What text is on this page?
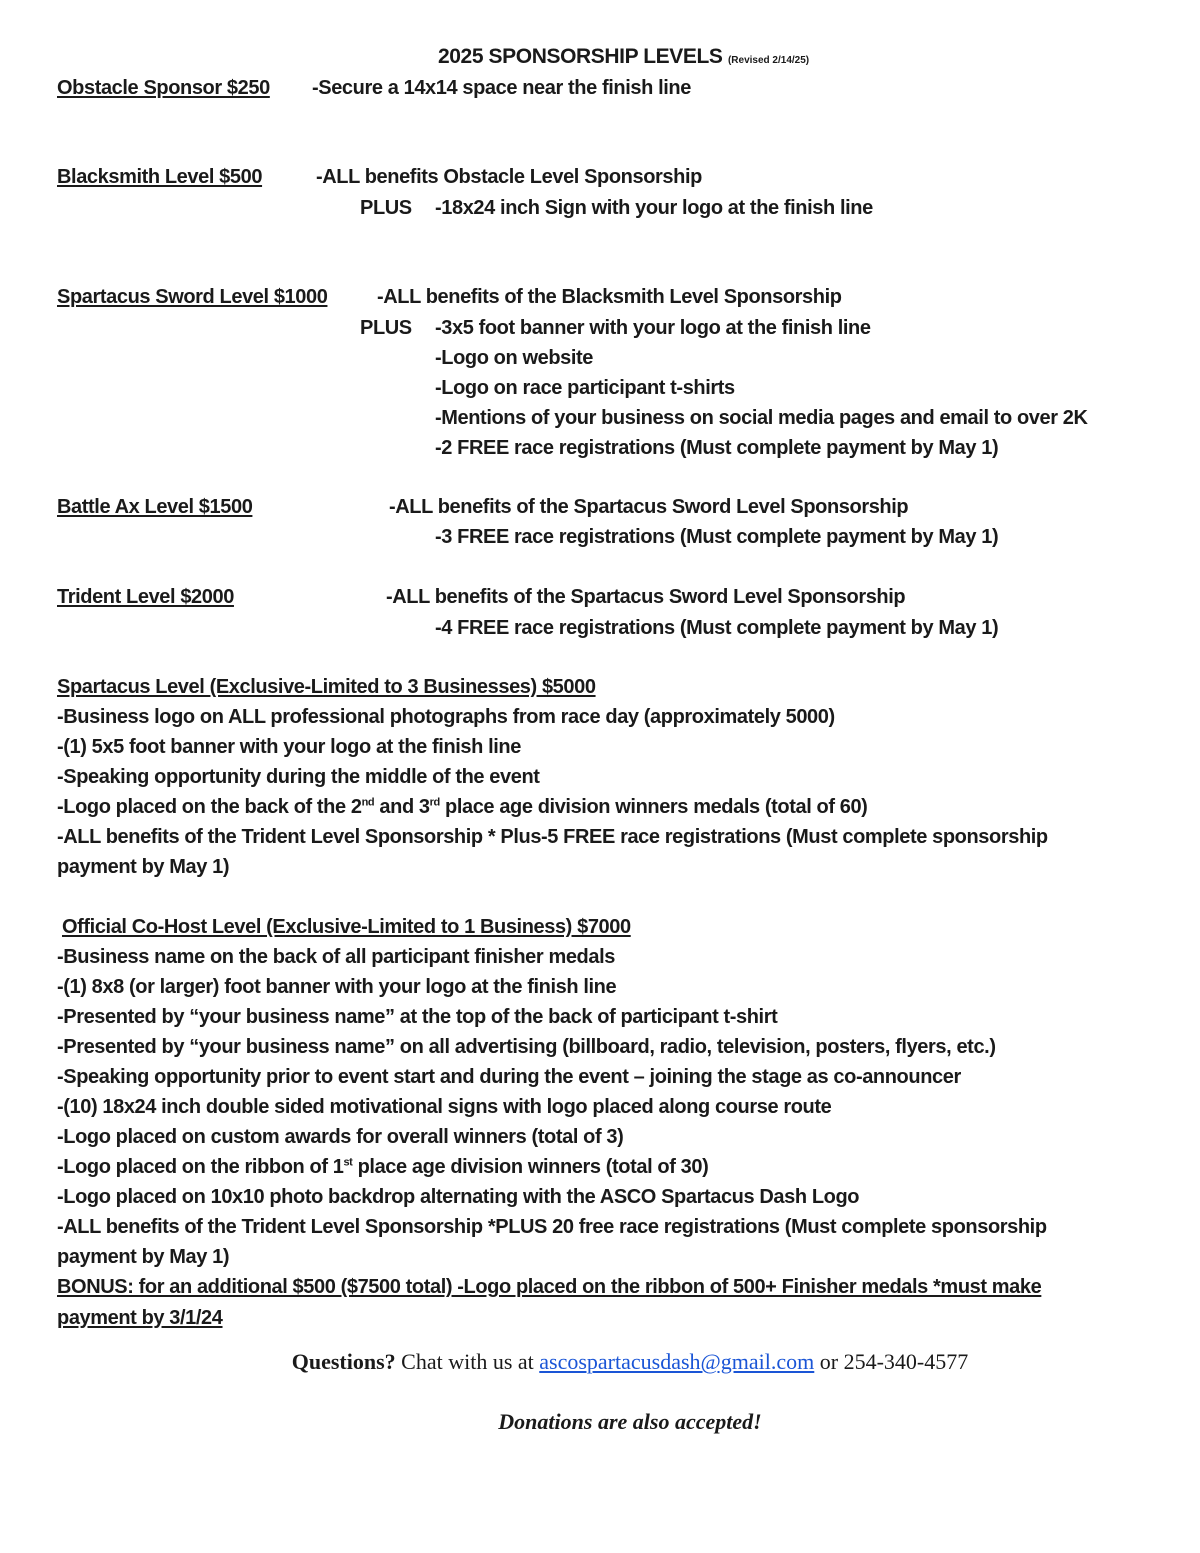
2025 SPONSORSHIP LEVELS (Revised 2/14/25)
Obstacle Sponsor $250	-Secure a 14x14 space near the finish line
Blacksmith Level $500	-ALL benefits Obstacle Level Sponsorship
PLUS -18x24 inch Sign with your logo at the finish line
Spartacus Sword Level $1000	-ALL benefits of the Blacksmith Level Sponsorship
PLUS -3x5 foot banner with your logo at the finish line
-Logo on website
-Logo on race participant t-shirts
-Mentions of your business on social media pages and email to over 2K
-2 FREE race registrations (Must complete payment by May 1)
Battle Ax Level $1500	-ALL benefits of the Spartacus Sword Level Sponsorship
-3 FREE race registrations (Must complete payment by May 1)
Trident Level $2000	-ALL benefits of the Spartacus Sword Level Sponsorship
-4 FREE race registrations (Must complete payment by May 1)
Spartacus Level (Exclusive-Limited to 3 Businesses) $5000
-Business logo on ALL professional photographs from race day (approximately 5000)
-(1) 5x5 foot banner with your logo at the finish line
-Speaking opportunity during the middle of the event
-Logo placed on the back of the 2nd and 3rd place age division winners medals (total of 60)
-ALL benefits of the Trident Level Sponsorship * Plus-5 FREE race registrations (Must complete sponsorship
payment by May 1)
Official Co-Host Level (Exclusive-Limited to 1 Business) $7000
-Business name on the back of all participant finisher medals
-(1) 8x8 (or larger) foot banner with your logo at the finish line
-Presented by “your business name” at the top of the back of participant t-shirt
-Presented by “your business name” on all advertising (billboard, radio, television, posters, flyers, etc.)
-Speaking opportunity prior to event start and during the event – joining the stage as co-announcer
-(10) 18x24 inch double sided motivational signs with logo placed along course route
-Logo placed on custom awards for overall winners (total of 3)
-Logo placed on the ribbon of 1st place age division winners (total of 30)
-Logo placed on 10x10 photo backdrop alternating with the ASCO Spartacus Dash Logo
-ALL benefits of the Trident Level Sponsorship *PLUS 20 free race registrations (Must complete sponsorship
payment by May 1)
BONUS: for an additional $500 ($7500 total) -Logo placed on the ribbon of 500+ Finisher medals *must make
payment by 3/1/24
Questions? Chat with us at ascospartacusdash@gmail.com or 254-340-4577
Donations are also accepted!
